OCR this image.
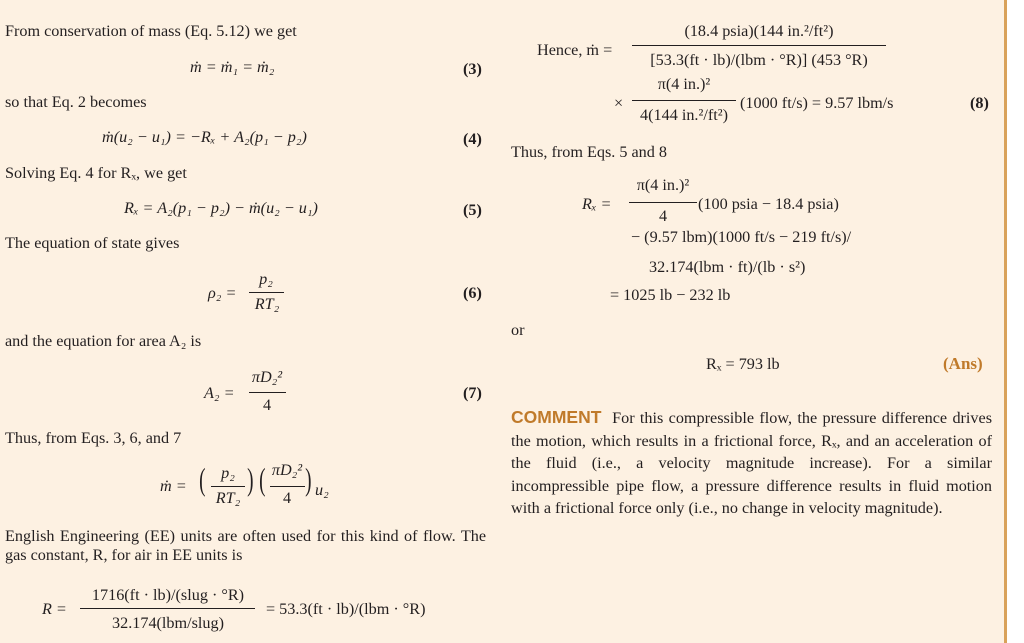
From conservation of mass (Eq. 5.12) we get
ṁ = ṁ₁ = ṁ₂	(3)
so that Eq. 2 becomes
ṁ(u₂ − u₁) = −Rₓ + A₂(p₁ − p₂)	(4)
Solving Eq. 4 for Rₓ, we get
Rₓ = A₂(p₁ − p₂) − ṁ(u₂ − u₁)	(5)
The equation of state gives
ρ₂ =
p₂
RT₂
(6)
and the equation for area A₂ is
A₂ =
πD₂²
4
(7)
Thus, from Eqs. 3, 6, and 7
ṁ = ( p₂
RT₂
) ( πD₂²
4
) u₂
English Engineering (EE) units are often used for this kind of flow. The gas constant, R, for air in EE units is
R =
1716(ft · lb)/(slug · °R)
32.174(lbm/slug)
= 53.3(ft · lb)/(lbm · °R)
Hence, ṁ =
(18.4 psia)(144 in.²/ft²)
[53.3(ft · lb)/(lbm · °R)] (453 °R)
×
π(4 in.)²
4(144 in.²/ft²)
(1000 ft/s) = 9.57 lbm/s	(8)
Thus, from Eqs. 5 and 8
Rₓ =
π(4 in.)²
4
(100 psia − 18.4 psia)
− (9.57 lbm)(1000 ft/s − 219 ft/s)/
32.174(lbm · ft)/(lb · s²)
= 1025 lb − 232 lb
or
Rₓ = 793 lb	(Ans)
COMMENT For this compressible flow, the pressure difference drives the motion, which results in a frictional force, Rₓ, and an acceleration of the fluid (i.e., a velocity magnitude increase). For a similar incompressible pipe flow, a pressure difference results in fluid motion with a frictional force only (i.e., no change in velocity magnitude).
